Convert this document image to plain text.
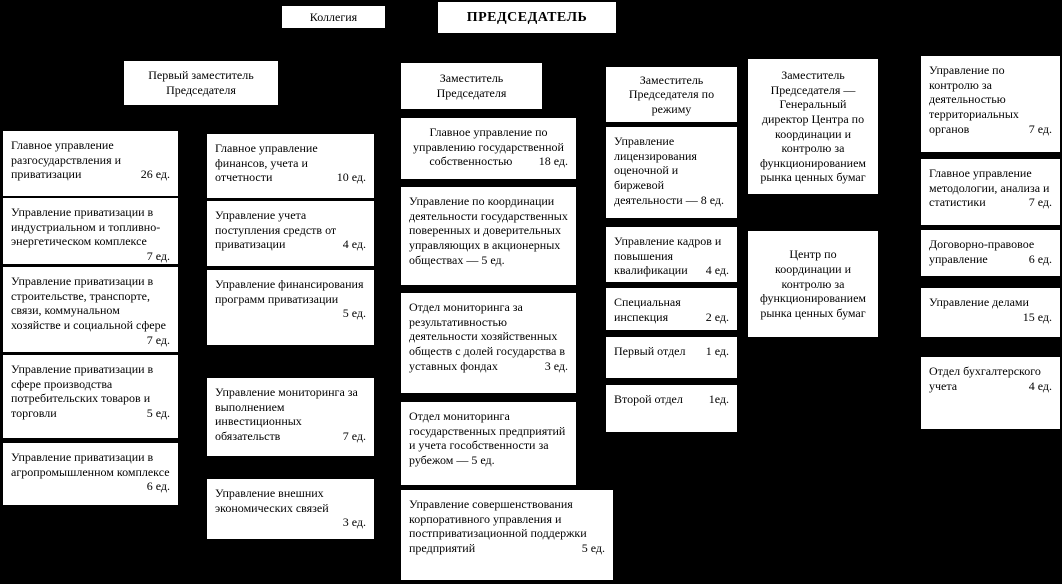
Коллегия	ПРЕДСЕДАТЕЛЬ
Первый заместитель Председателя
Заместитель Председателя
Заместитель Председателя по режиму
Заместитель Председателя — Генеральный директор Центра по координации и контролю за функционированием рынка ценных бумаг
Главное управление разгосударствления и приватизации	26 ед.
Управление приватизации в индустриальном и топливно-энергетическом комплексе
7 ед.
Управление приватизации в строительстве, транспорте, связи, коммунальном хозяйстве и социальной сфере
7 ед.
Управление приватизации в сфере производства потребительских товаров и торговли	5 ед.
Управление приватизации в агропромышленном комплексе
6 ед.
Главное управление финансов, учета и отчетности	10 ед.
Управление учета поступления средств от приватизации	4 ед.
Управление финансирования программ приватизации
5 ед.
Управление мониторинга за выполнением инвестиционных обязательств	7 ед.
Управление внешних экономических связей
3 ед.
Главное управление по управлению государственной собственностью	18 ед.
Управление по координации деятельности государственных поверенных и доверительных управляющих в акционерных обществах — 5 ед.
Отдел мониторинга за результативностью деятельности хозяйственных обществ с долей государства в уставных фондах	3 ед.
Отдел мониторинга государственных предприятий и учета гособственности за рубежом — 5 ед.
Управление совершенствования корпоративного управления и постприватизационной поддержки предприятий	5 ед.
Управление лицензирования оценочной и биржевой деятельности — 8 ед.
Управление кадров и повышения квалификации	4 ед.
Специальная инспекция	2 ед.
Первый отдел	1 ед.
Второй отдел	1ед.
Центр по координации и контролю за функционированием рынка ценных бумаг
Управление по контролю за деятельностью территориальных органов	7 ед.
Главное управление методологии, анализа и статистики	7 ед.
Договорно-правовое управление	6 ед.
Управление делами
15 ед.
Отдел бухгалтерского учета	4 ед.
